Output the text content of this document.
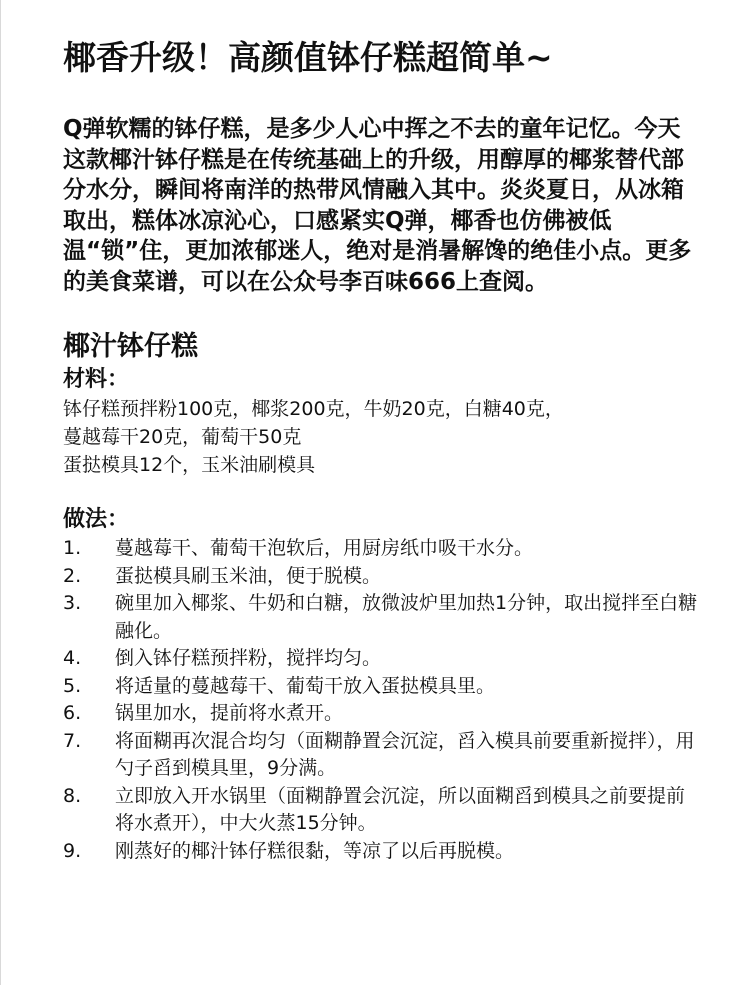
椰香升级！高颜值钵仔糕超简单~

Q弹软糯的钵仔糕，是多少人心中挥之不去的童年记忆。今天这款椰汁钵仔糕是在传统基础上的升级，用醇厚的椰浆替代部分水分，瞬间将南洋的热带风情融入其中。炎炎夏日，从冰箱取出，糕体冰凉沁心，口感紧实Q弹，椰香也仿佛被低温“锁”住，更加浓郁迷人，绝对是消暑解馋的绝佳小点。更多的美食菜谱，可以在公众号李百味666上查阅。

椰汁钵仔糕
材料：
钵仔糕预拌粉100克，椰浆200克，牛奶20克，白糖40克，
蔓越莓干20克，葡萄干50克
蛋挞模具12个，玉米油刷模具
做法：
1.	蔓越莓干、葡萄干泡软后，用厨房纸巾吸干水分。
2.	蛋挞模具刷玉米油，便于脱模。
3.	碗里加入椰浆、牛奶和白糖，放微波炉里加热1分钟，取出搅拌至白糖融化。
4.	倒入钵仔糕预拌粉，搅拌均匀。
5.	将适量的蔓越莓干、葡萄干放入蛋挞模具里。
6.	锅里加水，提前将水煮开。
7.	将面糊再次混合均匀（面糊静置会沉淀，舀入模具前要重新搅拌），用勺子舀到模具里，9分满。
8.	立即放入开水锅里（面糊静置会沉淀，所以面糊舀到模具之前要提前将水煮开），中大火蒸15分钟。
9.	刚蒸好的椰汁钵仔糕很黏，等凉了以后再脱模。
